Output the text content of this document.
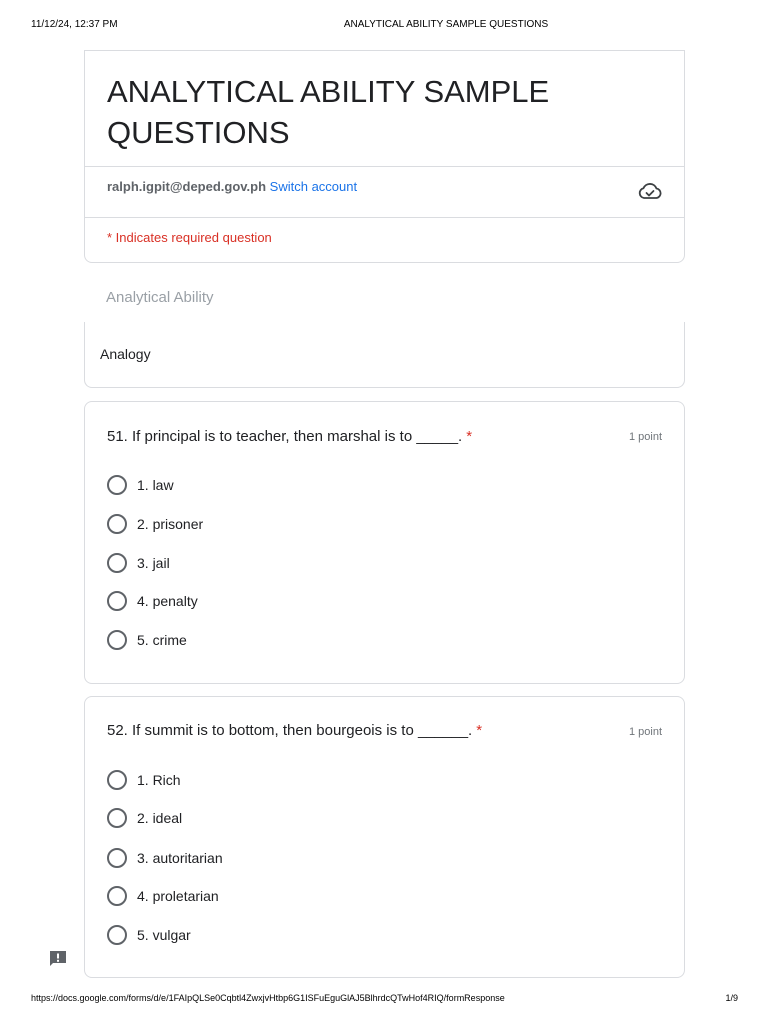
11/12/24, 12:37 PM	ANALYTICAL ABILITY SAMPLE QUESTIONS
ANALYTICAL ABILITY SAMPLE QUESTIONS
ralph.igpit@deped.gov.ph Switch account
* Indicates required question
Analytical Ability
Analogy
51. If principal is to teacher, then marshal is to _____. *	1 point
1. law
2. prisoner
3. jail
4. penalty
5. crime
52. If summit is to bottom, then bourgeois is to ______. *	1 point
1. Rich
2. ideal
3. autoritarian
4. proletarian
5. vulgar
https://docs.google.com/forms/d/e/1FAIpQLSe0Cqbtl4ZwxjvHtbp6G1ISFuEguGlAJ5BlhrdcQTwHof4RIQ/formResponse	1/9
